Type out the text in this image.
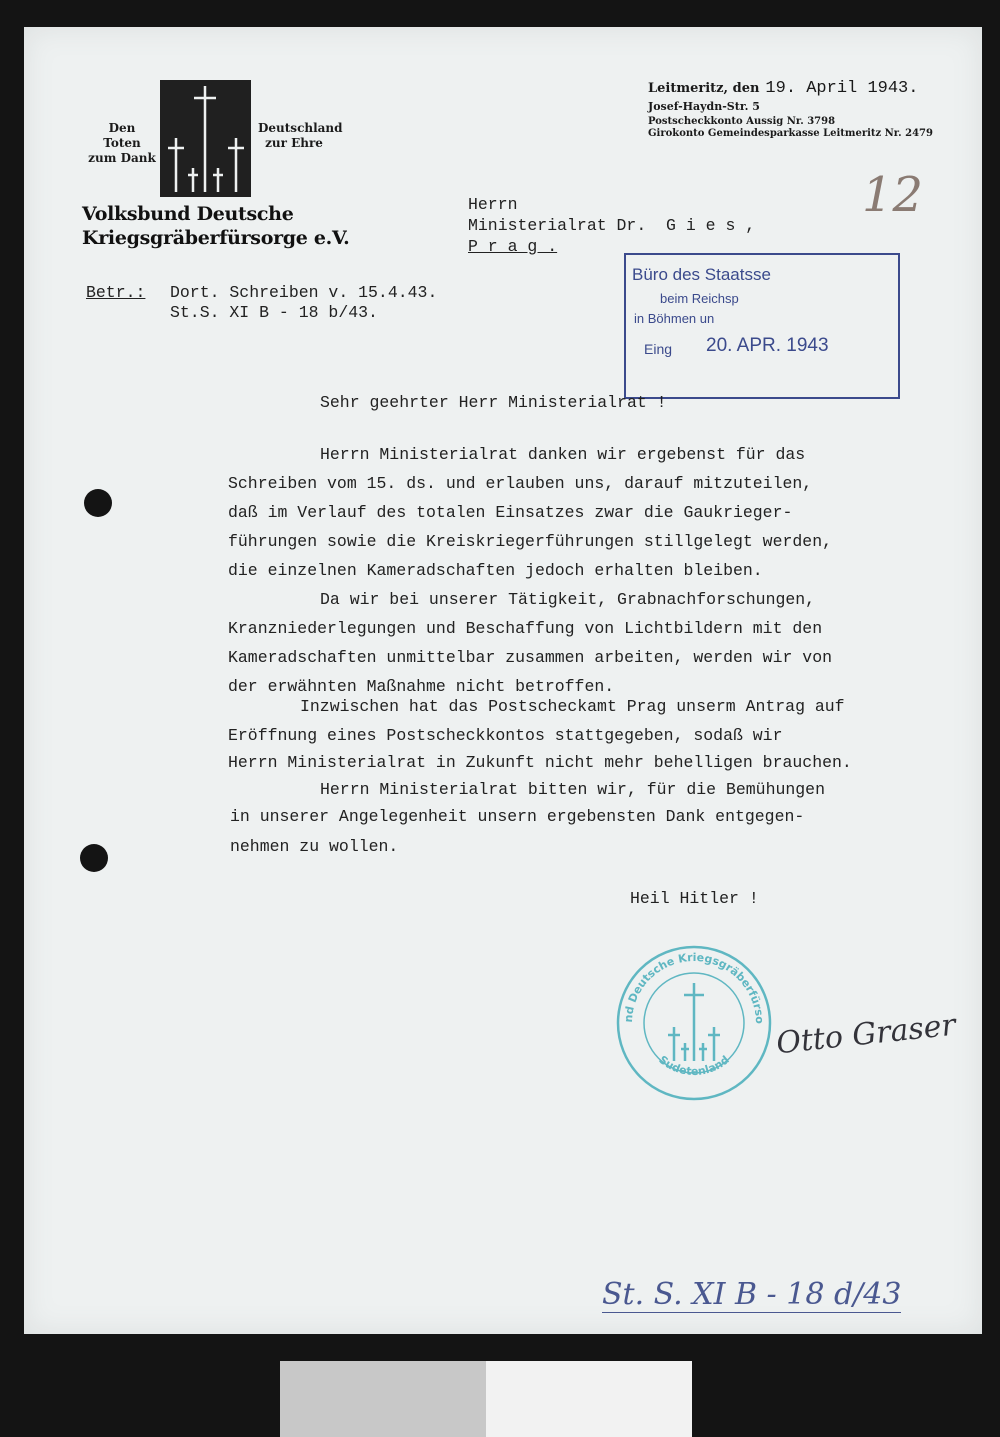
Den Toten zum Dank
Deutschland zur Ehre
Volksbund Deutsche
Kriegsgräberfürsorge e.V.
Leitmeritz, den 19. April 1943.
Josef-Haydn-Str. 5
Postscheckkonto Aussig Nr. 3798
Girokonto Gemeindesparkasse Leitmeritz Nr. 2479
12
Herrn
Ministerialrat Dr.  G i e s ,
P r a g .
Betr.: Dort. Schreiben v. 15.4.43.
St.S. XI B - 18 b/43.
Büro des Staatsse
beim Reichsp
in Böhmen un
Eing 20. APR. 1943
Sehr geehrter Herr Ministerialrat !
Herrn Ministerialrat danken wir ergebenst für das
Schreiben vom 15. ds. und erlauben uns, darauf mitzuteilen,
daß im Verlauf des totalen Einsatzes zwar die Gaukrieger-
führungen sowie die Kreiskriegerführungen stillgelegt werden,
die einzelnen Kameradschaften jedoch erhalten bleiben.
Da wir bei unserer Tätigkeit, Grabnachforschungen,
Kranzniederlegungen und Beschaffung von Lichtbildern mit den
Kameradschaften unmittelbar zusammen arbeiten, werden wir von
der erwähnten Maßnahme nicht betroffen.
Inzwischen hat das Postscheckamt Prag unserm Antrag auf
Eröffnung eines Postscheckkontos stattgegeben, sodaß wir
Herrn Ministerialrat in Zukunft nicht mehr behelligen brauchen.
Herrn Ministerialrat bitten wir, für die Bemühungen
in unserer Angelegenheit unsern ergebensten Dank entgegen-
nehmen zu wollen.
Heil Hitler !
nd Deutsche Kriegsgräberfürso
Sudetenland Otto Graser
St. S. XI B - 18 d/43
